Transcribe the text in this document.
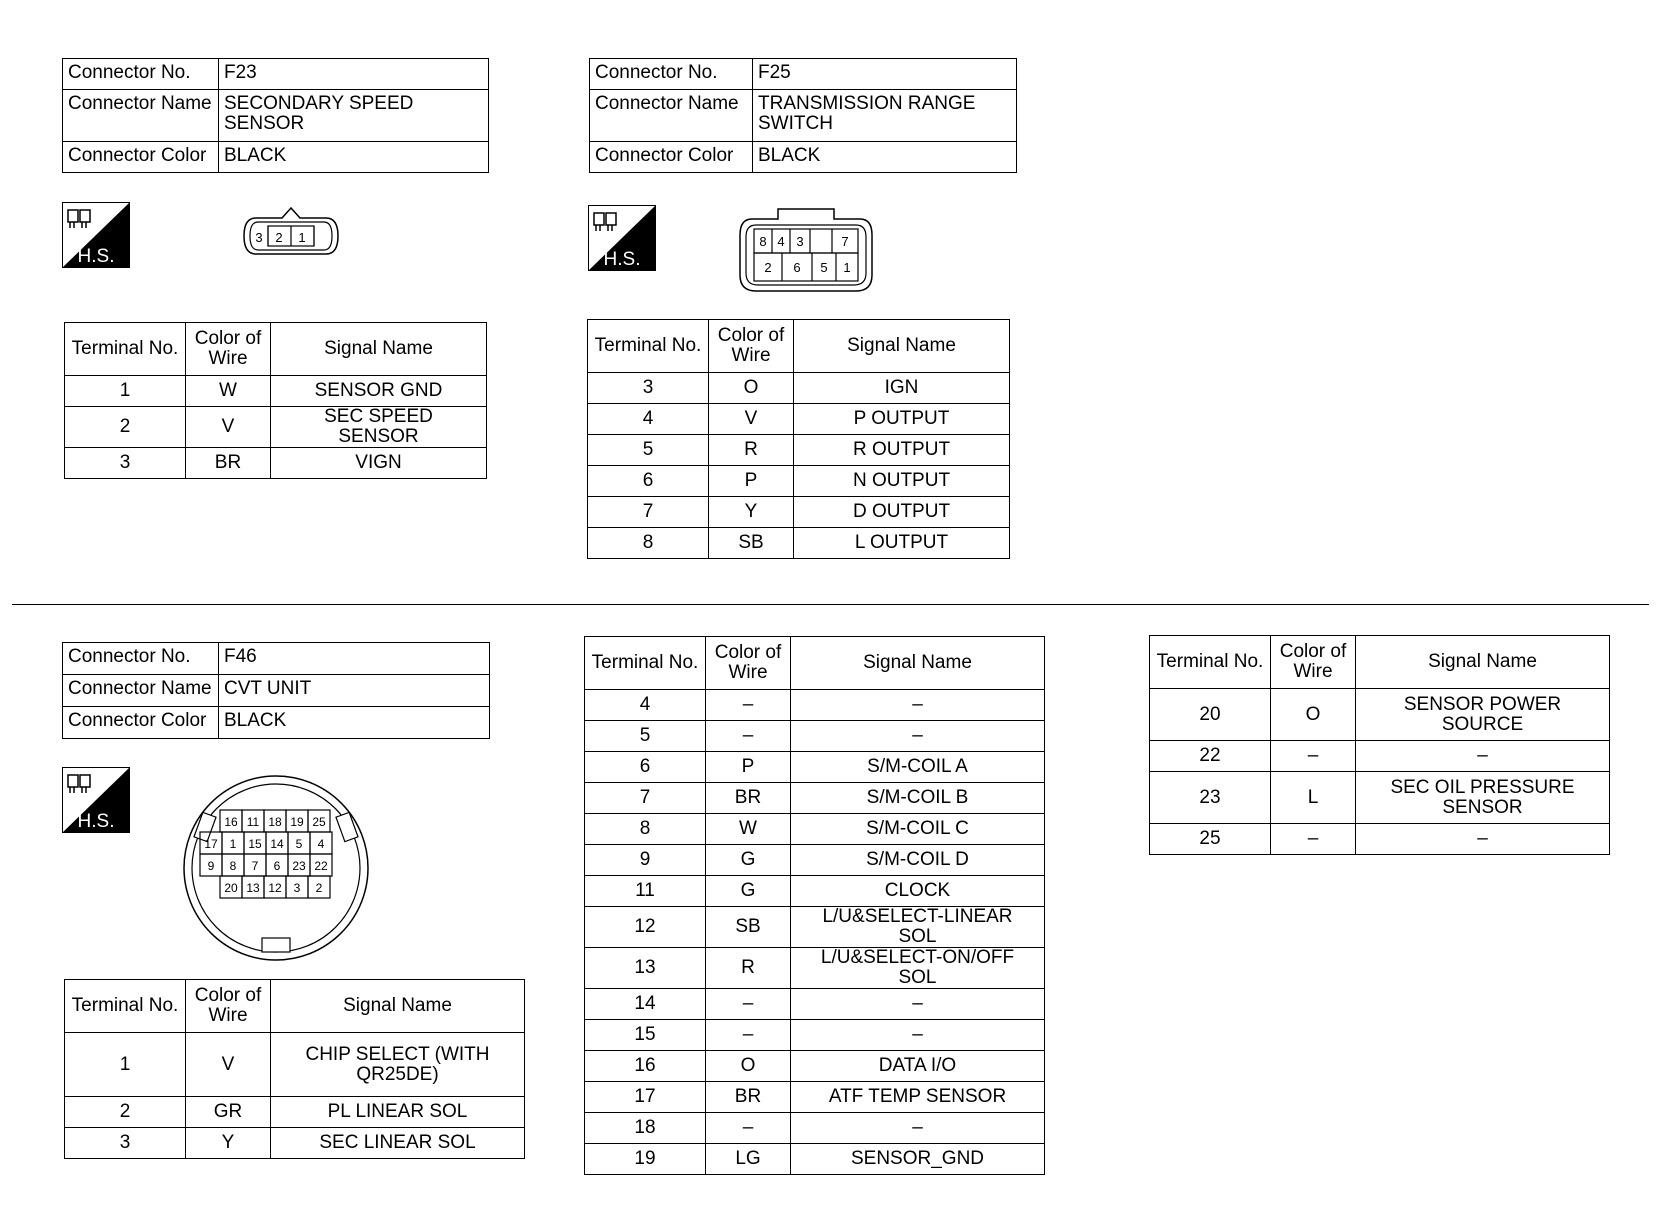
Connector No.	F23
Connector Name	SECONDARY SPEED SENSOR
Connector Color	BLACK
H.S.
3 2 1
Terminal No.	Color of Wire	Signal Name
1	W	SENSOR GND
2	V	SEC SPEED SENSOR
3	BR	VIGN
Connector No.	F25
Connector Name	TRANSMISSION RANGE SWITCH
Connector Color	BLACK
H.S.
8 4 3	7
2 6 5 1
Terminal No.	Color of Wire	Signal Name
3	O	IGN
4	V	P OUTPUT
5	R	R OUTPUT
6	P	N OUTPUT
7	Y	D OUTPUT
8	SB	L OUTPUT
Connector No.	F46
Connector Name	CVT UNIT
Connector Color	BLACK
H.S.	16 11 18 19 25
17 1 15 14 5 4
9 8 7 6 23 22
20 13 12 3 2
Terminal No.	Color of Wire	Signal Name
1	V	CHIP SELECT (WITH QR25DE)
2	GR	PL LINEAR SOL
3	Y	SEC LINEAR SOL
Terminal No.	Color of Wire	Signal Name
4	–	–
5	–	–
6	P	S/M-COIL A
7	BR	S/M-COIL B
8	W	S/M-COIL C
9	G	S/M-COIL D
11	G	CLOCK
12	SB	L/U&SELECT-LINEAR SOL
13	R	L/U&SELECT-ON/OFF SOL
14	–	–
15	–	–
16	O	DATA I/O
17	BR	ATF TEMP SENSOR
18	–	–
19	LG	SENSOR_GND
Terminal No.	Color of Wire	Signal Name
20	O	SENSOR POWER SOURCE
22	–	–
23	L	SEC OIL PRESSURE SENSOR
25	–	–
